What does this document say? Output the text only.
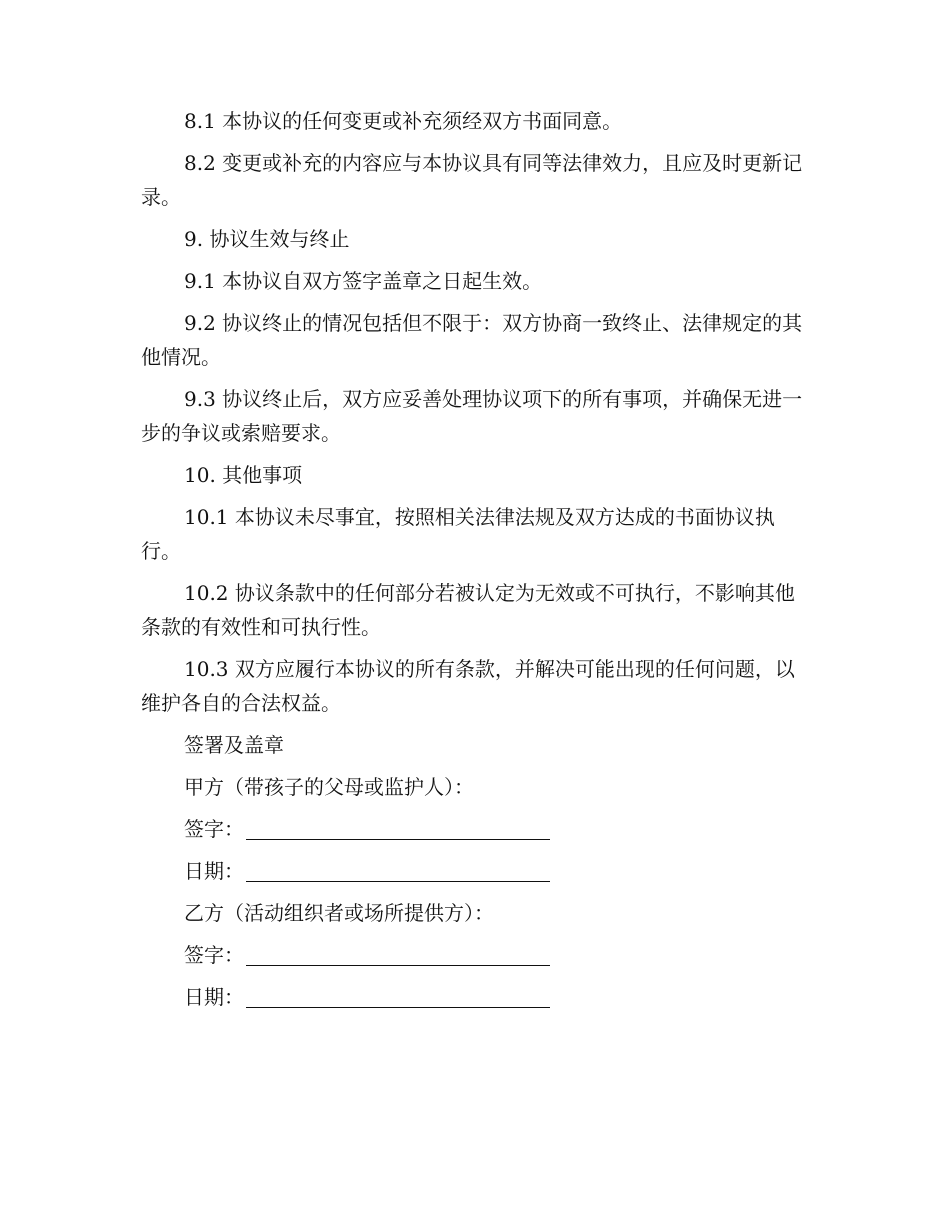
8.1 本协议的任何变更或补充须经双方书面同意。

8.2 变更或补充的内容应与本协议具有同等法律效力，且应及时更新记录。

9. 协议生效与终止

9.1 本协议自双方签字盖章之日起生效。

9.2 协议终止的情况包括但不限于：双方协商一致终止、法律规定的其他情况。

9.3 协议终止后，双方应妥善处理协议项下的所有事项，并确保无进一步的争议或索赔要求。

10. 其他事项

10.1 本协议未尽事宜，按照相关法律法规及双方达成的书面协议执行。

10.2 协议条款中的任何部分若被认定为无效或不可执行，不影响其他条款的有效性和可执行性。

10.3 双方应履行本协议的所有条款，并解决可能出现的任何问题，以维护各自的合法权益。

签署及盖章

甲方（带孩子的父母或监护人）：

签字：
日期：

乙方（活动组织者或场所提供方）：

签字：
日期：
